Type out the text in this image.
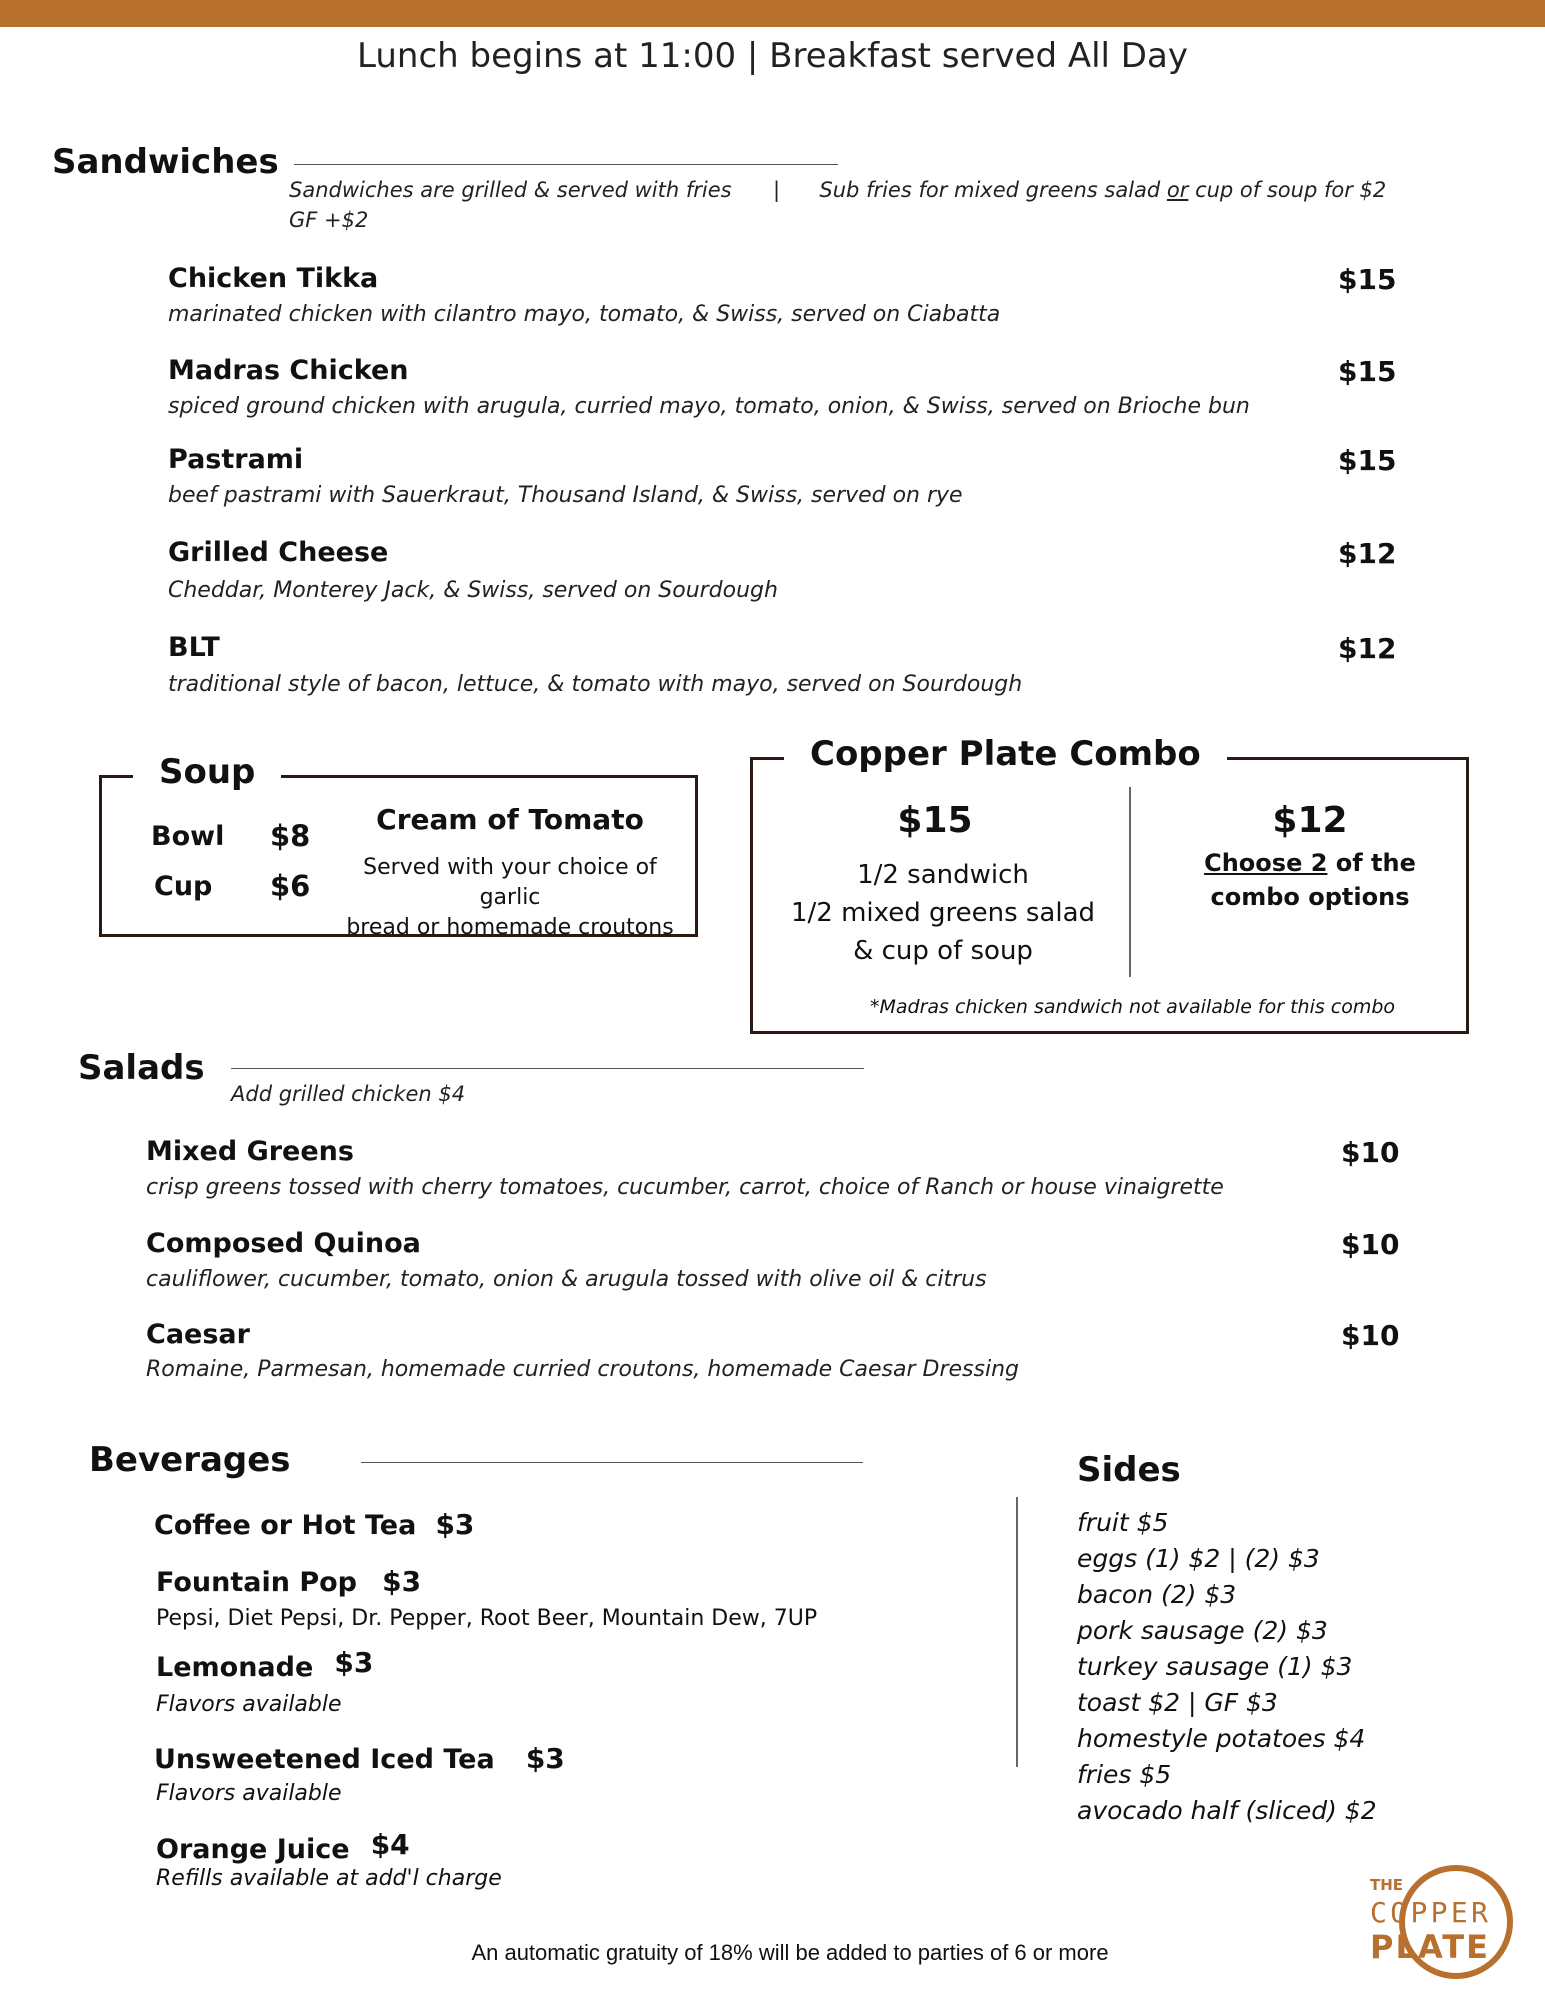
Lunch begins at 11:00 | Breakfast served All Day
Sandwiches
Sandwiches are grilled & served with fries | Sub fries for mixed greens salad or cup of soup for $2
GF +$2
Chicken Tikka	$15
marinated chicken with cilantro mayo, tomato, & Swiss, served on Ciabatta
Madras Chicken	$15
spiced ground chicken with arugula, curried mayo, tomato, onion, & Swiss, served on Brioche bun
Pastrami	$15
beef pastrami with Sauerkraut, Thousand Island, & Swiss, served on rye
Grilled Cheese	$12
Cheddar, Monterey Jack, & Swiss, served on Sourdough
BLT	$12
traditional style of bacon, lettuce, & tomato with mayo, served on Sourdough
Soup
Bowl $8
Cup $6
Cream of Tomato
Served with your choice of garlic
bread or homemade croutons
Copper Plate Combo
$15
1/2 sandwich
1/2 mixed greens salad
& cup of soup
$12
Choose 2 of the
combo options
*Madras chicken sandwich not available for this combo
Salads
Add grilled chicken $4
Mixed Greens	$10
crisp greens tossed with cherry tomatoes, cucumber, carrot, choice of Ranch or house vinaigrette
Composed Quinoa	$10
cauliflower, cucumber, tomato, onion & arugula tossed with olive oil & citrus
Caesar	$10
Romaine, Parmesan, homemade curried croutons, homemade Caesar Dressing
Beverages
Coffee or Hot Tea $3
Fountain Pop $3
Pepsi, Diet Pepsi, Dr. Pepper, Root Beer, Mountain Dew, 7UP
Lemonade $3
Flavors available
Unsweetened Iced Tea $3
Flavors available
Orange Juice $4
Refills available at add'l charge
Sides
fruit $5
eggs (1) $2 | (2) $3
bacon (2) $3
pork sausage (2) $3
turkey sausage (1) $3
toast $2 | GF $3
homestyle potatoes $4
fries $5
avocado half (sliced) $2
An automatic gratuity of 18% will be added to parties of 6 or more
THE
COPPER
PLATE
